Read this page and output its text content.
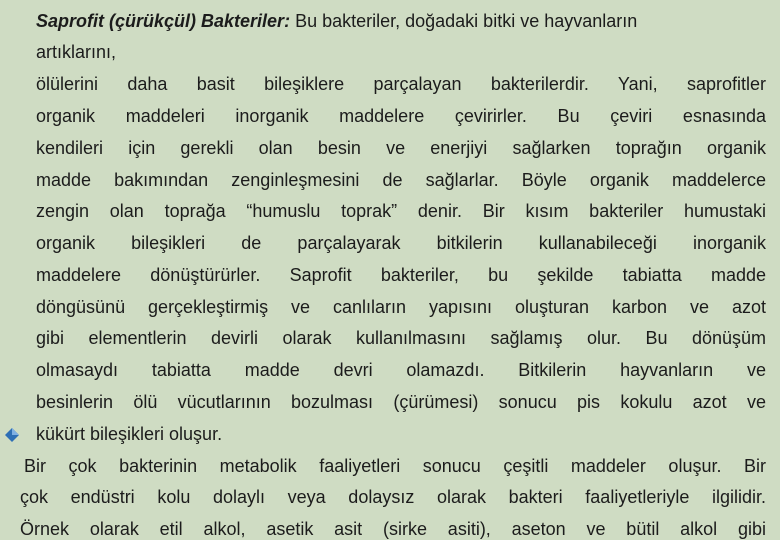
Saprofit (çürükçül) Bakteriler: Bu bakteriler, doğadaki bitki ve hayvanların
artıklarını,
ölülerini daha basit bileşiklere parçalayan bakterilerdir. Yani, saprofitler
organik maddeleri inorganik maddelere çevirirler. Bu çeviri esnasında
kendileri için gerekli olan besin ve enerjiyi sağlarken toprağın organik
madde bakımından zenginleşmesini de sağlarlar. Böyle organik maddelerce
zengin olan toprağa “humuslu toprak” denir. Bir kısım bakteriler humustaki
organik bileşikleri de parçalayarak bitkilerin kullanabileceği inorganik
maddelere dönüştürürler. Saprofit bakteriler, bu şekilde tabiatta madde
döngüsünü gerçekleştirmiş ve canlıların yapısını oluşturan karbon ve azot
gibi elementlerin devirli olarak kullanılmasını sağlamış olur. Bu dönüşüm
olmasaydı tabiatta madde devri olamazdı. Bitkilerin hayvanların ve
besinlerin ölü vücutlarının bozulması (çürümesi) sonucu pis kokulu azot ve
kükürt bileşikleri oluşur.
Bir çok bakterinin metabolik faaliyetleri sonucu çeşitli maddeler oluşur. Bir
çok endüstri kolu dolaylı veya dolaysız olarak bakteri faaliyetleriyle ilgilidir.
Örnek olarak etil alkol, asetik asit (sirke asiti), aseton ve bütil alkol gibi
